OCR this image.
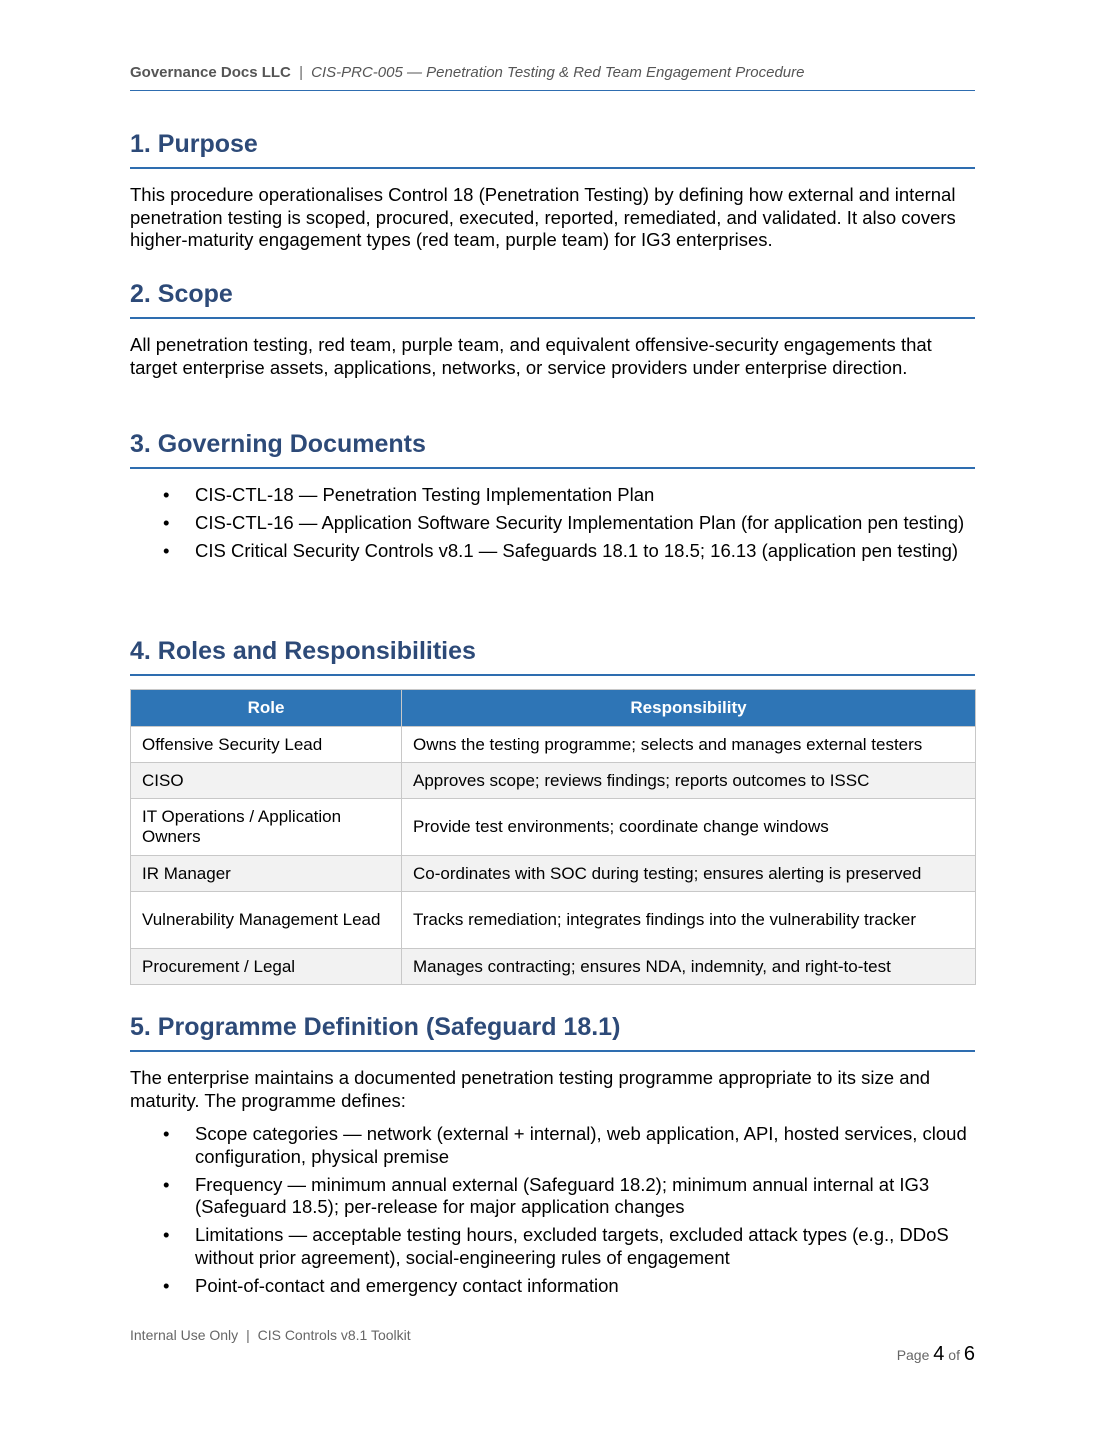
Governance Docs LLC | CIS-PRC-005 — Penetration Testing & Red Team Engagement Procedure
1. Purpose

This procedure operationalises Control 18 (Penetration Testing) by defining how external and internal penetration testing is scoped, procured, executed, reported, remediated, and validated. It also covers higher-maturity engagement types (red team, purple team) for IG3 enterprises.

2. Scope

All penetration testing, red team, purple team, and equivalent offensive-security engagements that target enterprise assets, applications, networks, or service providers under enterprise direction.

3. Governing Documents
• CIS-CTL-18 — Penetration Testing Implementation Plan
• CIS-CTL-16 — Application Software Security Implementation Plan (for application pen testing)
• CIS Critical Security Controls v8.1 — Safeguards 18.1 to 18.5; 16.13 (application pen testing)
4. Roles and Responsibilities
Role	Responsibility
Offensive Security Lead	Owns the testing programme; selects and manages external testers
CISO	Approves scope; reviews findings; reports outcomes to ISSC
IT Operations / Application Owners	Provide test environments; coordinate change windows
IR Manager	Co-ordinates with SOC during testing; ensures alerting is preserved
Vulnerability Management Lead	Tracks remediation; integrates findings into the vulnerability tracker
Procurement / Legal	Manages contracting; ensures NDA, indemnity, and right-to-test
5. Programme Definition (Safeguard 18.1)

The enterprise maintains a documented penetration testing programme appropriate to its size and maturity. The programme defines:

• Scope categories — network (external + internal), web application, API, hosted services, cloud configuration, physical premise
• Frequency — minimum annual external (Safeguard 18.2); minimum annual internal at IG3 (Safeguard 18.5); per-release for major application changes
• Limitations — acceptable testing hours, excluded targets, excluded attack types (e.g., DDoS without prior agreement), social-engineering rules of engagement
• Point-of-contact and emergency contact information
Internal Use Only | CIS Controls v8.1 Toolkit
Page 4 of 6
